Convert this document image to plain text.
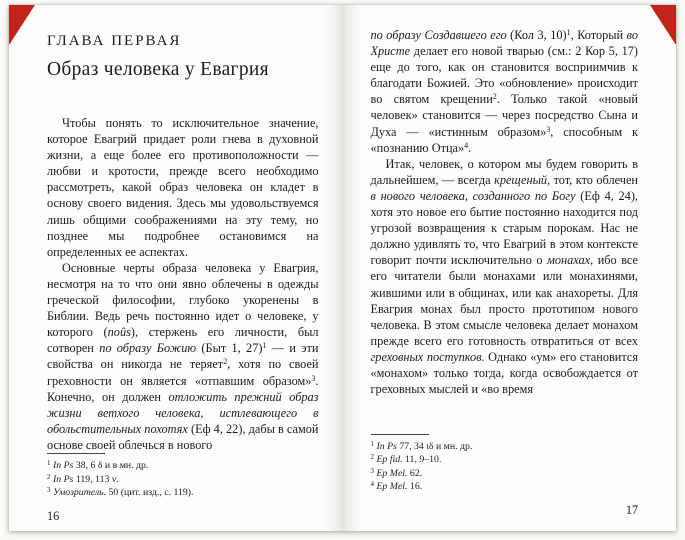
ГЛАВА ПЕРВАЯ
Образ человека у Евагрия

Чтобы понять то исключительное значение, которое Евагрий придает роли гнева в духовной жизни, а еще более его противоположности — любви и кротости, прежде всего необходимо рассмотреть, какой образ человека он кладет в основу своего видения. Здесь мы удовольствуемся лишь общими соображениями на эту тему, но позднее мы подробнее остановимся на определенных ее аспектах.

Основные черты образа человека у Евагрия, несмотря на то что они явно облечены в одежды греческой философии, глубоко укоренены в Библии. Ведь речь постоянно идет о человеке, у которого (noûs), стержень его личности, был сотворен по образу Божию (Быт 1, 27)$^1$ — и эти свойства он никогда не теряет$^2$, хотя по своей греховности он является «отпавшим образом»$^3$. Конечно, он должен отложить прежний образ жизни ветхого человека, истлевающего в обольстительных похотях (Еф 4, 22), дабы в самой основе своей облечься в нового

$^1$ In Ps 38, 6 δ и в мн. др.

$^2$ In Ps 119, 113 ν.

$^3$ Умозритель. 50 (цит. изд., с. 119).

16

по образу Создавшего его (Кол 3, 10)$^1$, Который во Христе делает его новой тварью (см.: 2 Кор 5, 17) еще до того, как он становится восприимчив к благодати Божией. Это «обновление» происходит во святом крещении$^2$. Только такой «новый человек» становится — через посредство Сына и Духа — «истинным образом»$^3$, способным к «познанию Отца»$^4$.

Итак, человек, о котором мы будем говорить в дальнейшем, — всегда крещеный, тот, кто облечен в нового человека, созданного по Богу (Еф 4, 24), хотя это новое его бытие постоянно находится под угрозой возвращения к старым порокам. Нас не должно удивлять то, что Евагрий в этом контексте говорит почти исключительно о монахах, ибо все его читатели были монахами или монахинями, жившими или в общинах, или как анахореты. Для Евагрия монах был просто прототипом нового человека. В этом смысле человека делает монахом прежде всего его готовность отвратиться от всех греховных поступков. Однако «ум» его становится «монахом» только тогда, когда освобождается от греховных мыслей и «во время

$^1$ In Ps 77, 34 ιδ и мн. др.

$^2$ Ep fid. 11, 9–10.

$^3$ Ep Mel. 62.

$^4$ Ep Mel. 16.

17
